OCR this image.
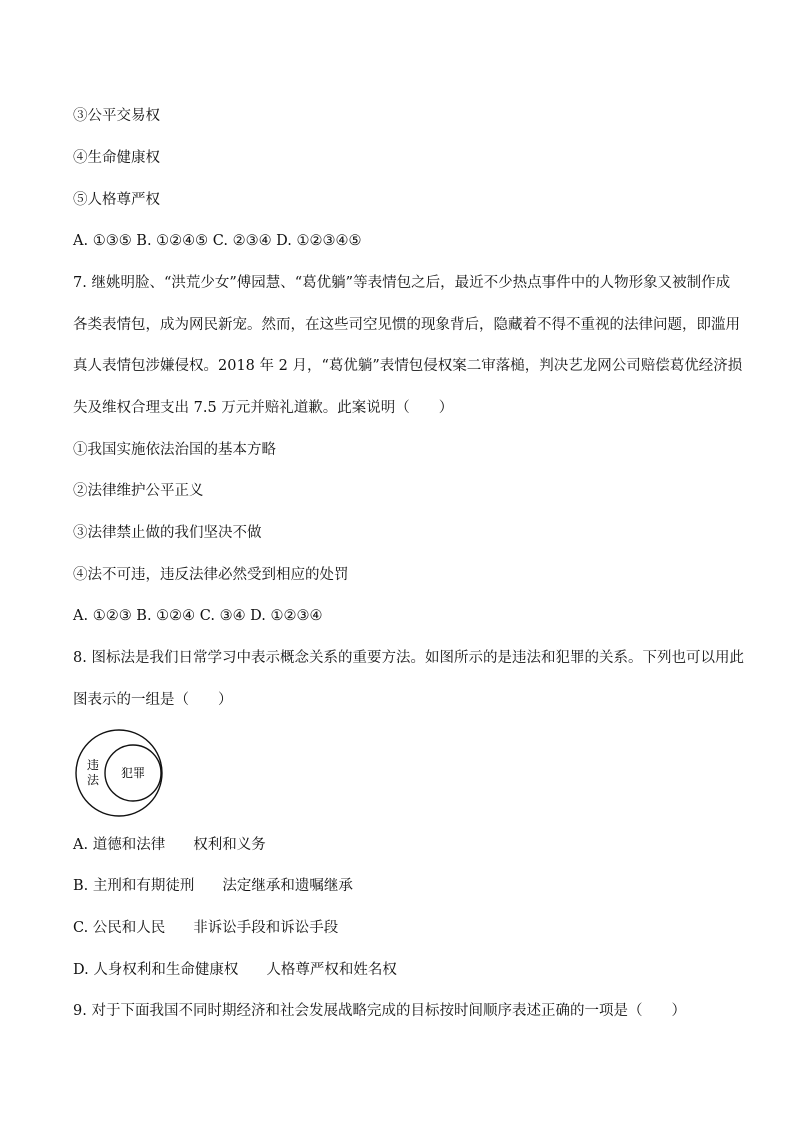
③公平交易权
④生命健康权
⑤人格尊严权
A. ①③⑤ B. ①②④⑤ C. ②③④ D. ①②③④⑤
7. 继姚明脸、“洪荒少女”傅园慧、“葛优躺”等表情包之后，最近不少热点事件中的人物形象又被制作成
各类表情包，成为网民新宠。然而，在这些司空见惯的现象背后，隐藏着不得不重视的法律问题，即滥用
真人表情包涉嫌侵权。2018 年 2 月，“葛优躺”表情包侵权案二审落槌，判决艺龙网公司赔偿葛优经济损
失及维权合理支出 7.5 万元并赔礼道歉。此案说明（　　）
①我国实施依法治国的基本方略
②法律维护公平正义
③法律禁止做的我们坚决不做
④法不可违，违反法律必然受到相应的处罚
A. ①②③ B. ①②④ C. ③④ D. ①②③④
8. 图标法是我们日常学习中表示概念关系的重要方法。如图所示的是违法和犯罪的关系。下列也可以用此
图表示的一组是（　　）
违
法 犯罪
A. 道德和法律 权利和义务
B. 主刑和有期徒刑 法定继承和遗嘱继承
C. 公民和人民 非诉讼手段和诉讼手段
D. 人身权利和生命健康权 人格尊严权和姓名权
9. 对于下面我国不同时期经济和社会发展战略完成的目标按时间顺序表述正确的一项是（　　）
